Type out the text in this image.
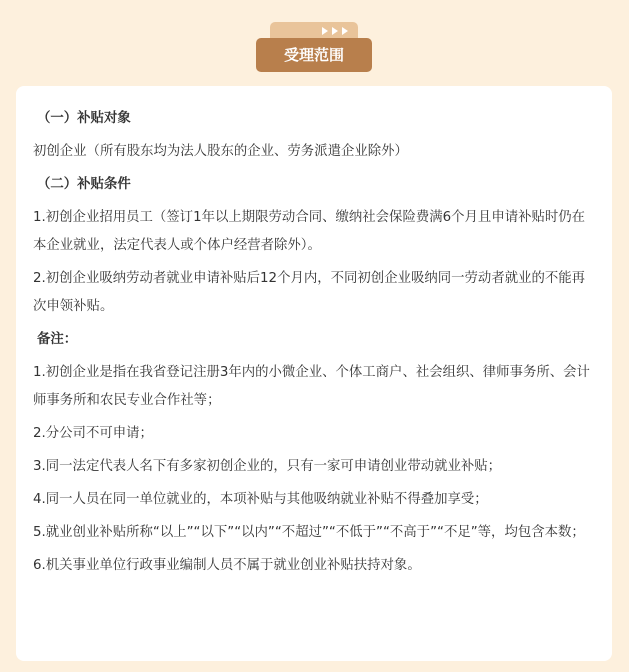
受理范围
（一）补贴对象
初创企业（所有股东均为法人股东的企业、劳务派遣企业除外）
（二）补贴条件
1.初创企业招用员工（签订1年以上期限劳动合同、缴纳社会保险费满6个月且申请补贴时仍在本企业就业，法定代表人或个体户经营者除外）。
2.初创企业吸纳劳动者就业申请补贴后12个月内，不同初创企业吸纳同一劳动者就业的不能再次申领补贴。
备注：
1.初创企业是指在我省登记注册3年内的小微企业、个体工商户、社会组织、律师事务所、会计师事务所和农民专业合作社等；
2.分公司不可申请；
3.同一法定代表人名下有多家初创企业的，只有一家可申请创业带动就业补贴；
4.同一人员在同一单位就业的，本项补贴与其他吸纳就业补贴不得叠加享受；
5.就业创业补贴所称“以上”“以下”“以内”“不超过”“不低于”“不高于”“不足”等，均包含本数；
6.机关事业单位行政事业编制人员不属于就业创业补贴扶持对象。
